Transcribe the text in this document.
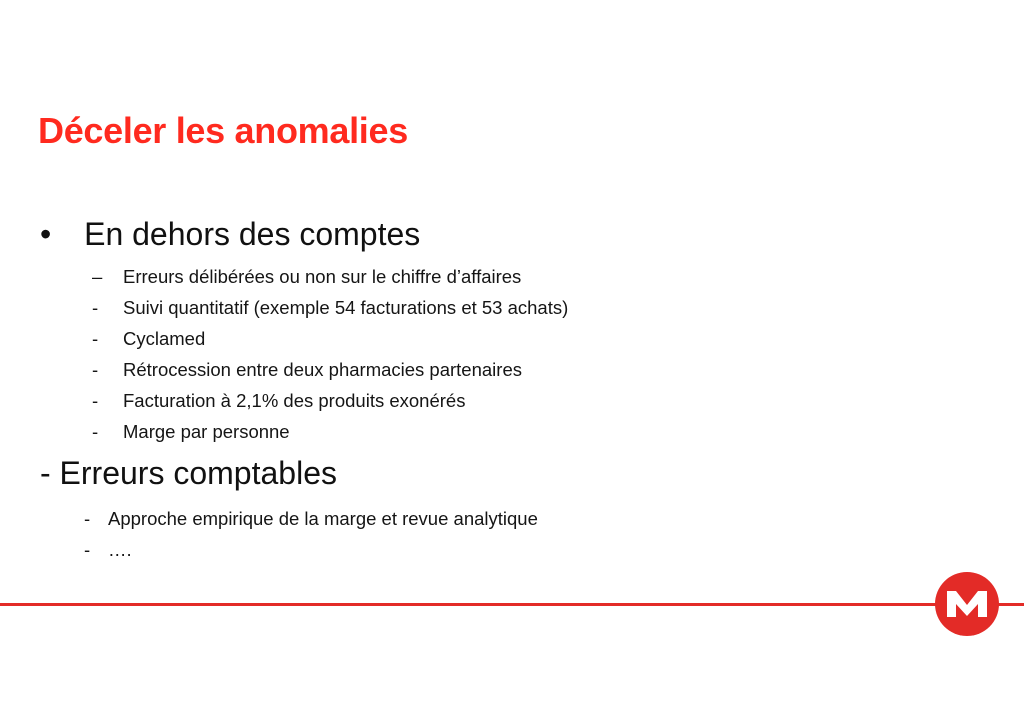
Déceler les anomalies
• En dehors des comptes
– Erreurs délibérées ou non sur le chiffre d’affaires
- Suivi quantitatif (exemple 54 facturations et 53 achats)
- Cyclamed
- Rétrocession entre deux pharmacies partenaires
- Facturation à 2,1% des produits exonérés
- Marge par personne
- Erreurs comptables
- Approche empirique de la marge et revue analytique
- ….
